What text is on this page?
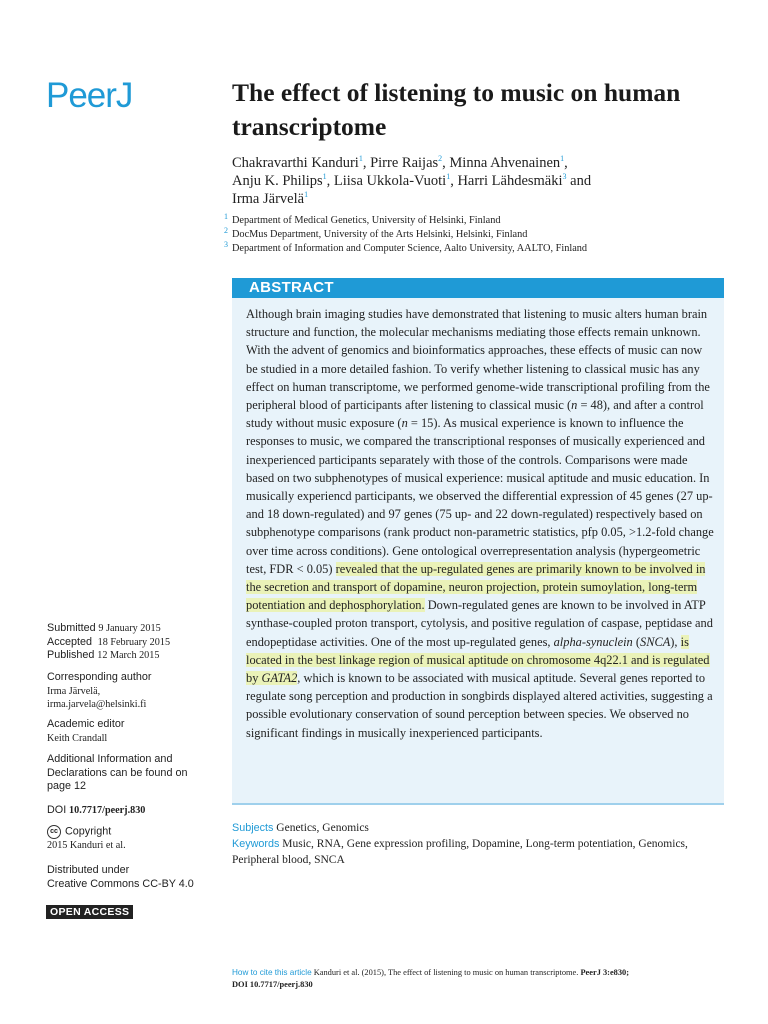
PeerJ	The effect of listening to music on human transcriptome
Chakravarthi Kanduri$^1$, Pirre Raijas$^2$, Minna Ahvenainen$^1$,
Anju K. Philips$^1$, Liisa Ukkola-Vuoti$^1$, Harri Lähdesmäki$^3$ and
Irma Järvelä$^1$
$^1$ Department of Medical Genetics, University of Helsinki, Finland
$^2$ DocMus Department, University of the Arts Helsinki, Helsinki, Finland
$^3$ Department of Information and Computer Science, Aalto University, AALTO, Finland
ABSTRACT
Although brain imaging studies have demonstrated that listening to music alters human brain structure and function, the molecular mechanisms mediating those effects remain unknown. With the advent of genomics and bioinformatics approaches, these effects of music can now be studied in a more detailed fashion. To verify whether listening to classical music has any effect on human transcriptome, we performed genome-wide transcriptional profiling from the peripheral blood of participants after listening to classical music (n = 48), and after a control study without music exposure (n = 15). As musical experience is known to influence the responses to music, we compared the transcriptional responses of musically experienced and inexperienced participants separately with those of the controls. Comparisons were made based on two subphenotypes of musical experience: musical aptitude and music education. In musically experiencd participants, we observed the differential expression of 45 genes (27 up- and 18 down-regulated) and 97 genes (75 up- and 22 down-regulated) respectively based on subphenotype comparisons (rank product non-parametric statistics, pfp 0.05, >1.2-fold change over time across conditions). Gene ontological overrepresentation analysis (hypergeometric test, FDR < 0.05) revealed that the up-regulated genes are primarily known to be involved in the secretion and transport of dopamine, neuron projection, protein sumoylation, long-term potentiation and dephosphorylation. Down-regulated genes are known to be involved in ATP synthase-coupled proton transport, cytolysis, and positive regulation of caspase, peptidase and endopeptidase activities. One of the most up-regulated genes, alpha-synuclein (SNCA), is located in the best linkage region of musical aptitude on chromosome 4q22.1 and is regulated by GATA2, which is known to be associated with musical aptitude. Several genes reported to regulate song perception and production in songbirds displayed altered activities, suggesting a possible evolutionary conservation of sound perception between species. We observed no significant findings in musically inexperienced participants.
Subjects Genetics, Genomics
Keywords Music, RNA, Gene expression profiling, Dopamine, Long-term potentiation, Genomics, Peripheral blood, SNCA
Submitted 9 January 2015
Accepted 18 February 2015
Published 12 March 2015
Corresponding author
Irma Järvelä,
irma.jarvela@helsinki.fi
Academic editor
Keith Crandall
Additional Information and Declarations can be found on page 12
DOI 10.7717/peerj.830
cc Copyright
2015 Kanduri et al.
Distributed under
Creative Commons CC-BY 4.0
OPEN ACCESS
How to cite this article Kanduri et al. (2015), The effect of listening to music on human transcriptome. PeerJ 3:e830;
DOI 10.7717/peerj.830
